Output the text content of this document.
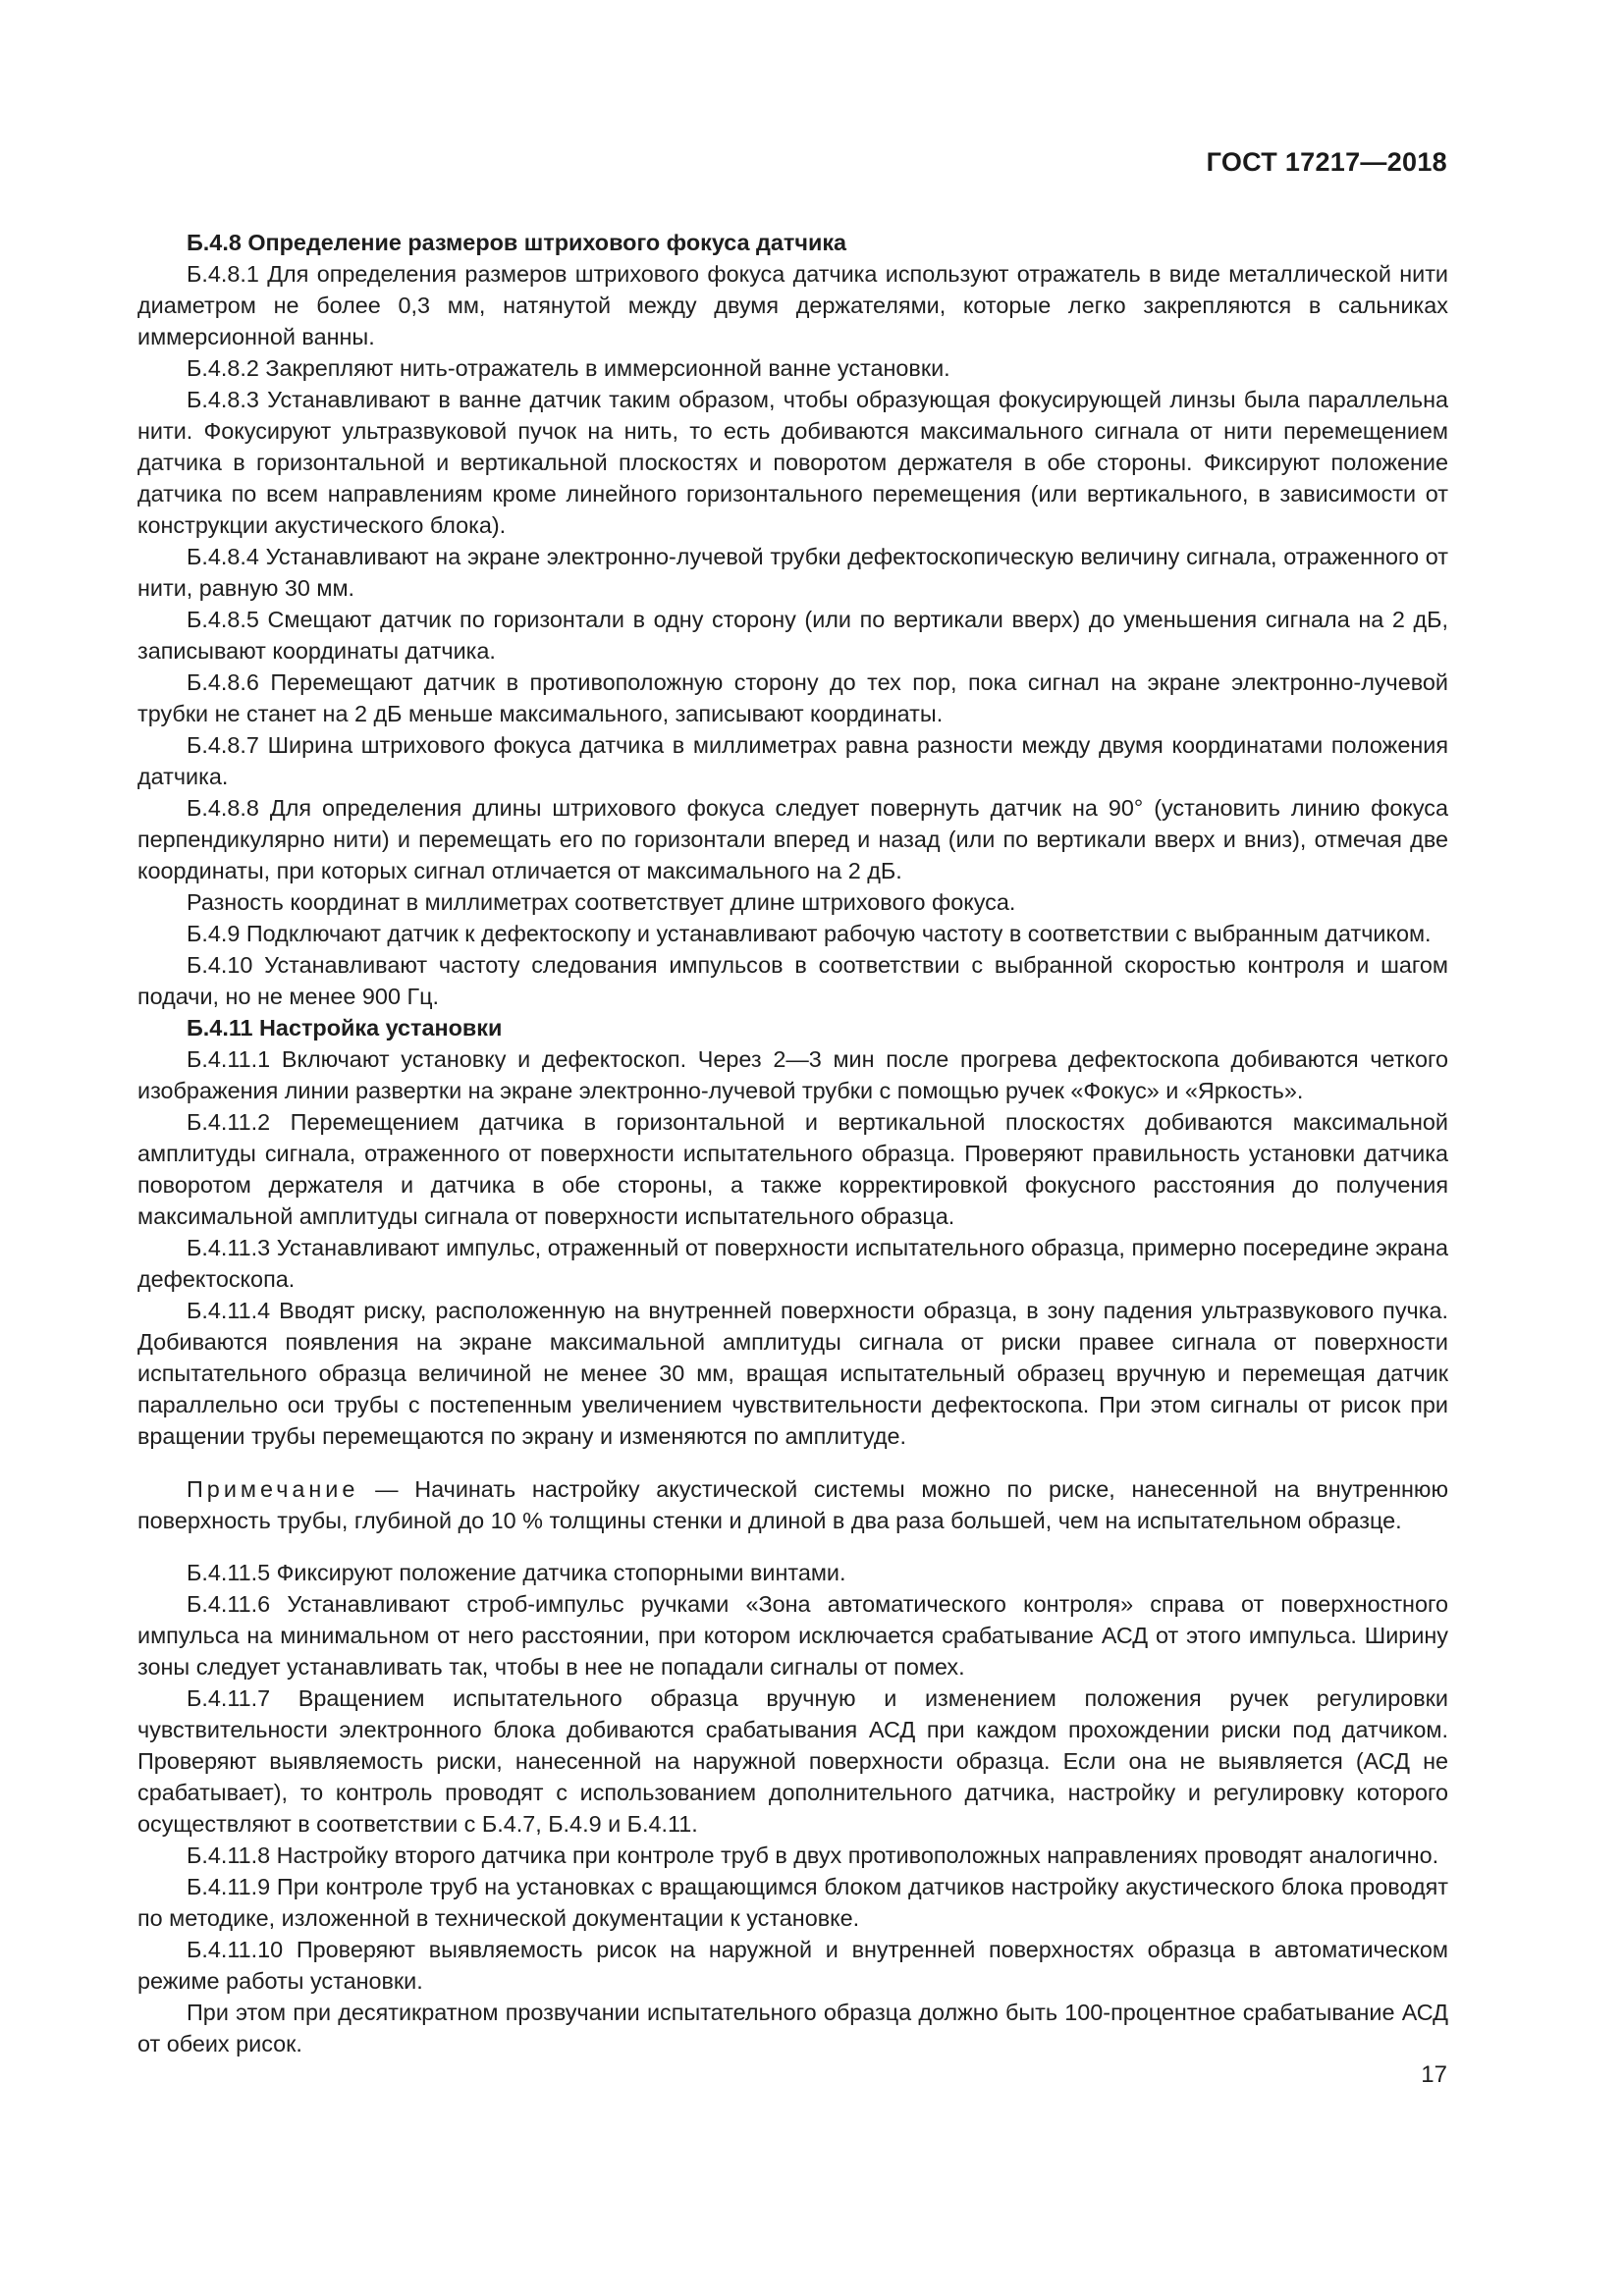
ГОСТ 17217—2018

Б.4.8 Определение размеров штрихового фокуса датчика

Б.4.8.1 Для определения размеров штрихового фокуса датчика используют отражатель в виде металлической нити диаметром не более 0,3 мм, натянутой между двумя держателями, которые легко закрепляются в сальниках иммерсионной ванны.

Б.4.8.2 Закрепляют нить-отражатель в иммерсионной ванне установки.

Б.4.8.3 Устанавливают в ванне датчик таким образом, чтобы образующая фокусирующей линзы была параллельна нити. Фокусируют ультразвуковой пучок на нить, то есть добиваются максимального сигнала от нити перемещением датчика в горизонтальной и вертикальной плоскостях и поворотом держателя в обе стороны. Фиксируют положение датчика по всем направлениям кроме линейного горизонтального перемещения (или вертикального, в зависимости от конструкции акустического блока).

Б.4.8.4 Устанавливают на экране электронно-лучевой трубки дефектоскопическую величину сигнала, отраженного от нити, равную 30 мм.

Б.4.8.5 Смещают датчик по горизонтали в одну сторону (или по вертикали вверх) до уменьшения сигнала на 2 дБ, записывают координаты датчика.

Б.4.8.6 Перемещают датчик в противоположную сторону до тех пор, пока сигнал на экране электронно-лучевой трубки не станет на 2 дБ меньше максимального, записывают координаты.

Б.4.8.7 Ширина штрихового фокуса датчика в миллиметрах равна разности между двумя координатами положения датчика.

Б.4.8.8 Для определения длины штрихового фокуса следует повернуть датчик на 90° (установить линию фокуса перпендикулярно нити) и перемещать его по горизонтали вперед и назад (или по вертикали вверх и вниз), отмечая две координаты, при которых сигнал отличается от максимального на 2 дБ.

Разность координат в миллиметрах соответствует длине штрихового фокуса.

Б.4.9 Подключают датчик к дефектоскопу и устанавливают рабочую частоту в соответствии с выбранным датчиком.

Б.4.10 Устанавливают частоту следования импульсов в соответствии с выбранной скоростью контроля и шагом подачи, но не менее 900 Гц.

Б.4.11 Настройка установки

Б.4.11.1 Включают установку и дефектоскоп. Через 2—3 мин после прогрева дефектоскопа добиваются четкого изображения линии развертки на экране электронно-лучевой трубки с помощью ручек «Фокус» и «Яркость».

Б.4.11.2 Перемещением датчика в горизонтальной и вертикальной плоскостях добиваются максимальной амплитуды сигнала, отраженного от поверхности испытательного образца. Проверяют правильность установки датчика поворотом держателя и датчика в обе стороны, а также корректировкой фокусного расстояния до получения максимальной амплитуды сигнала от поверхности испытательного образца.

Б.4.11.3 Устанавливают импульс, отраженный от поверхности испытательного образца, примерно посередине экрана дефектоскопа.

Б.4.11.4 Вводят риску, расположенную на внутренней поверхности образца, в зону падения ультразвукового пучка. Добиваются появления на экране максимальной амплитуды сигнала от риски правее сигнала от поверхности испытательного образца величиной не менее 30 мм, вращая испытательный образец вручную и перемещая датчик параллельно оси трубы с постепенным увеличением чувствительности дефектоскопа. При этом сигналы от рисок при вращении трубы перемещаются по экрану и изменяются по амплитуде.

Примечание — Начинать настройку акустической системы можно по риске, нанесенной на внутреннюю поверхность трубы, глубиной до 10 % толщины стенки и длиной в два раза большей, чем на испытательном образце.

Б.4.11.5 Фиксируют положение датчика стопорными винтами.

Б.4.11.6 Устанавливают строб-импульс ручками «Зона автоматического контроля» справа от поверхностного импульса на минимальном от него расстоянии, при котором исключается срабатывание АСД от этого импульса. Ширину зоны следует устанавливать так, чтобы в нее не попадали сигналы от помех.

Б.4.11.7 Вращением испытательного образца вручную и изменением положения ручек регулировки чувствительности электронного блока добиваются срабатывания АСД при каждом прохождении риски под датчиком. Проверяют выявляемость риски, нанесенной на наружной поверхности образца. Если она не выявляется (АСД не срабатывает), то контроль проводят с использованием дополнительного датчика, настройку и регулировку которого осуществляют в соответствии с Б.4.7, Б.4.9 и Б.4.11.

Б.4.11.8 Настройку второго датчика при контроле труб в двух противоположных направлениях проводят аналогично.

Б.4.11.9 При контроле труб на установках с вращающимся блоком датчиков настройку акустического блока проводят по методике, изложенной в технической документации к установке.

Б.4.11.10 Проверяют выявляемость рисок на наружной и внутренней поверхностях образца в автоматическом режиме работы установки.

При этом при десятикратном прозвучании испытательного образца должно быть 100-процентное срабатывание АСД от обеих рисок.

17
